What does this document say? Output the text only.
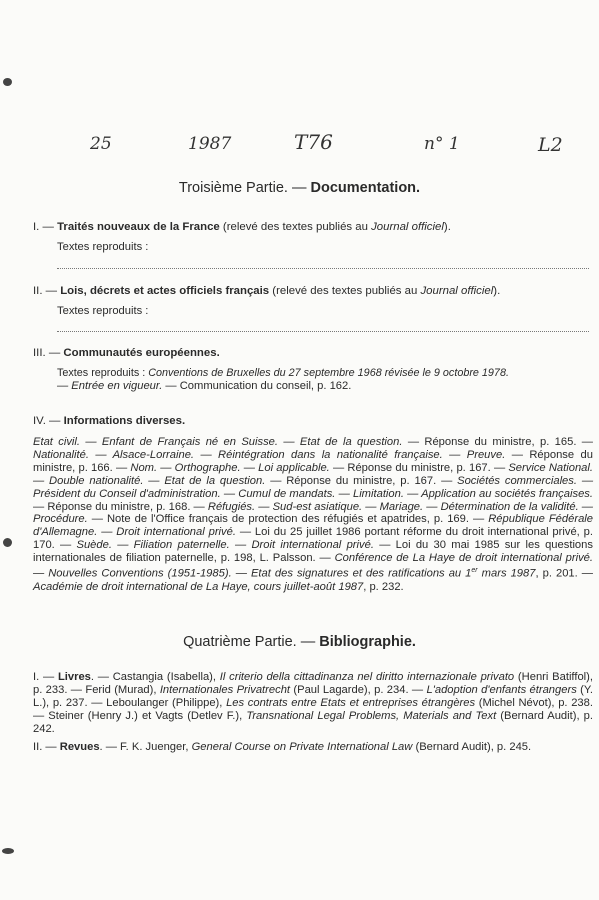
25	1987	T76	n° 1	L2
Troisième Partie. — Documentation.
I. — Traités nouveaux de la France (relevé des textes publiés au Journal officiel).
Textes reproduits :
II. — Lois, décrets et actes officiels français (relevé des textes publiés au Journal officiel).
Textes reproduits :
III. — Communautés européennes.
Textes reproduits : Conventions de Bruxelles du 27 septembre 1968 révisée le 9 octobre 1978.
— Entrée en vigueur. — Communication du conseil, p. 162.
IV. — Informations diverses.
Etat civil. — Enfant de Français né en Suisse. — Etat de la question. — Réponse du ministre, p. 165. — Nationalité. — Alsace-Lorraine. — Réintégration dans la nationalité française. — Preuve. — Réponse du ministre, p. 166. — Nom. — Orthographe. — Loi applicable. — Réponse du ministre, p. 167. — Service National. — Double nationalité. — Etat de la question. — Réponse du ministre, p. 167. — Sociétés commerciales. — Président du Conseil d'administration. — Cumul de mandats. — Limitation. — Application au sociétés françaises. — Réponse du ministre, p. 168. — Réfugiés. — Sud-est asiatique. — Mariage. — Détermination de la validité. — Procédure. — Note de l'Office français de protection des réfugiés et apatrides, p. 169. — République Fédérale d'Allemagne. — Droit international privé. — Loi du 25 juillet 1986 portant réforme du droit international privé, p. 170. — Suède. — Filiation paternelle. — Droit international privé. — Loi du 30 mai 1985 sur les questions internationales de filiation paternelle, p. 198, L. Palsson. — Conférence de La Haye de droit international privé. — Nouvelles Conventions (1951-1985). — Etat des signatures et des ratifications au 1er mars 1987, p. 201. — Académie de droit international de La Haye, cours juillet-août 1987, p. 232.
Quatrième Partie. — Bibliographie.
I. — Livres. — Castangia (Isabella), Il criterio della cittadinanza nel diritto internazionale privato (Henri Batiffol), p. 233. — Ferid (Murad), Internationales Privatrecht (Paul Lagarde), p. 234. — L'adoption d'enfants étrangers (Y. L.), p. 237. — Leboulanger (Philippe), Les contrats entre Etats et entreprises étrangères (Michel Névot), p. 238. — Steiner (Henry J.) et Vagts (Detlev F.), Transnational Legal Problems, Materials and Text (Bernard Audit), p. 242.
II. — Revues. — F. K. Juenger, General Course on Private International Law (Bernard Audit), p. 245.
